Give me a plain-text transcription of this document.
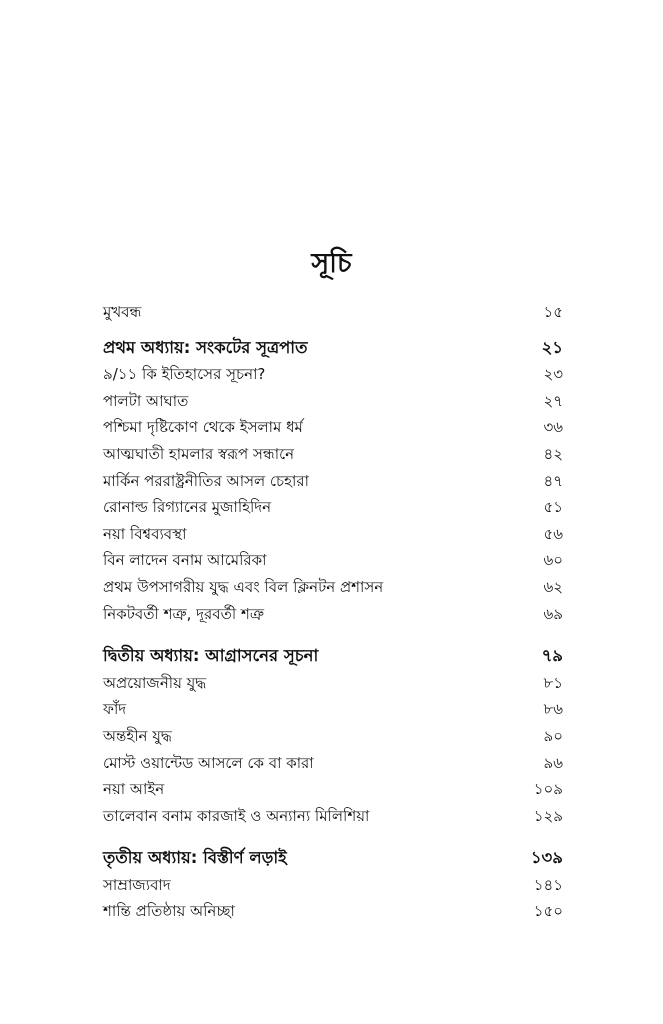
সূচি
মুখবন্ধ	১৫
প্রথম অধ্যায়: সংকটের সূত্রপাত	২১
৯/১১ কি ইতিহাসের সূচনা?	২৩
পালটা আঘাত	২৭
পশ্চিমা দৃষ্টিকোণ থেকে ইসলাম ধর্ম	৩৬
আত্মঘাতী হামলার স্বরূপ সন্ধানে	৪২
মার্কিন পররাষ্ট্রনীতির আসল চেহারা	৪৭
রোনাল্ড রিগ্যানের মুজাহিদিন	৫১
নয়া বিশ্বব্যবস্থা	৫৬
বিন লাদেন বনাম আমেরিকা	৬০
প্রথম উপসাগরীয় যুদ্ধ এবং বিল ক্লিনটন প্রশাসন	৬২
নিকটবর্তী শত্রু, দূরবর্তী শত্রু	৬৯
দ্বিতীয় অধ্যায়: আগ্রাসনের সূচনা	৭৯
অপ্রয়োজনীয় যুদ্ধ	৮১
ফাঁদ	৮৬
অন্তহীন যুদ্ধ	৯০
মোস্ট ওয়ান্টেড আসলে কে বা কারা	৯৬
নয়া আইন	১০৯
তালেবান বনাম কারজাই ও অন্যান্য মিলিশিয়া	১২৯
তৃতীয় অধ্যায়: বিস্তীর্ণ লড়াই	১৩৯
সাম্রাজ্যবাদ	১৪১
শান্তি প্রতিষ্ঠায় অনিচ্ছা	১৫০
